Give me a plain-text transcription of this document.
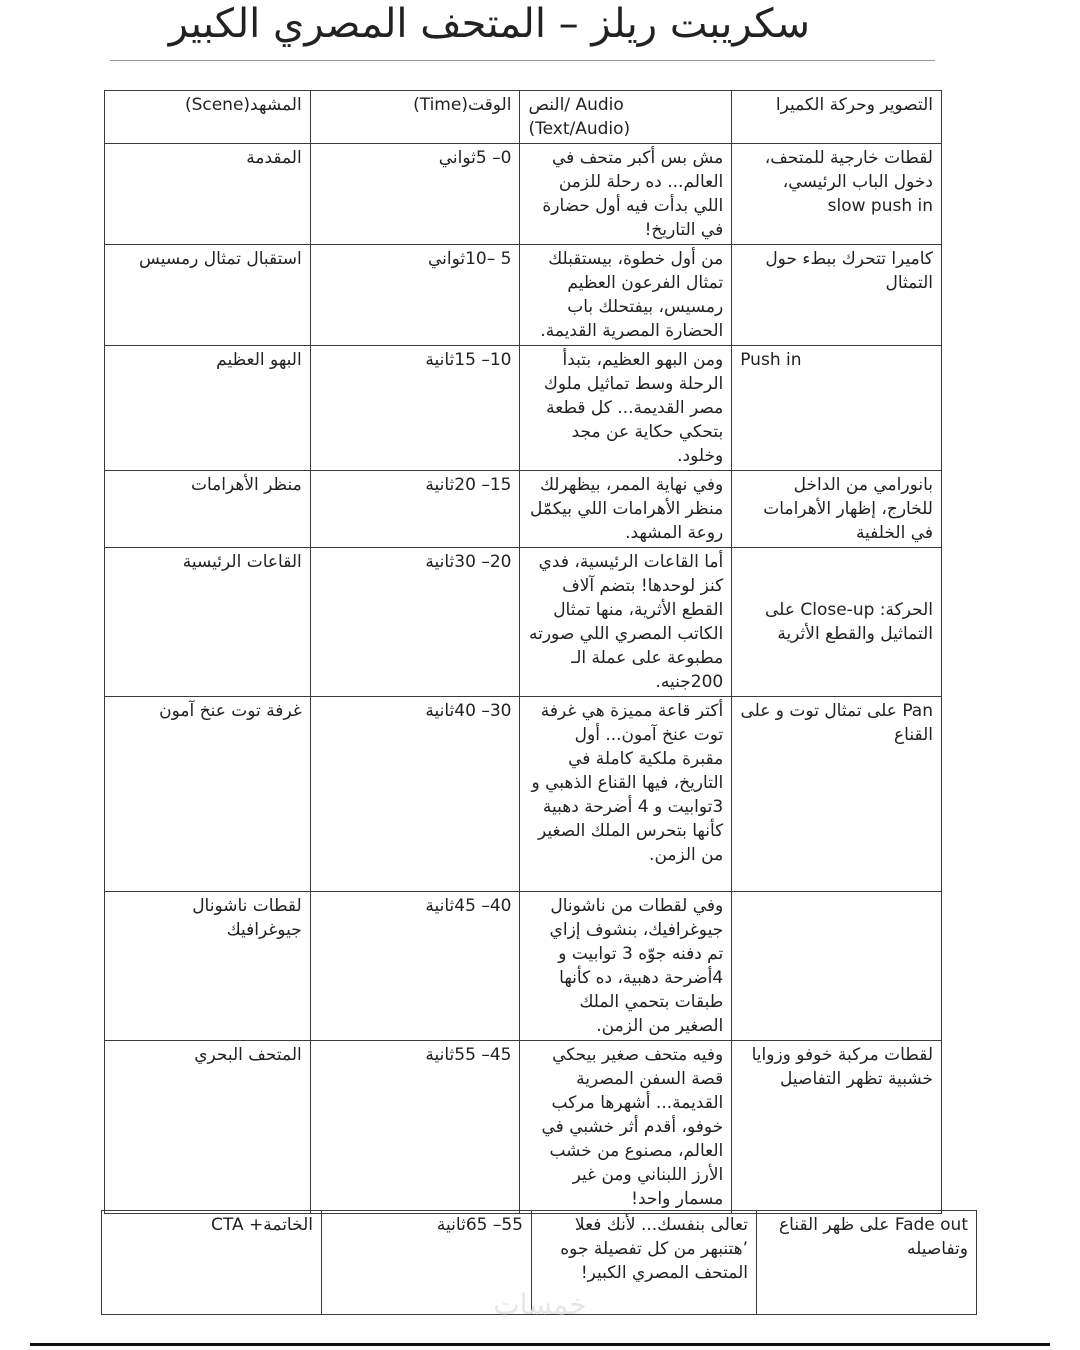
سكريبت ريلز – المتحف المصري الكبير
المشهد(Scene)	الوقت(Time)	النص/ Audio (Text/Audio)	التصوير وحركة الكميرا
المقدمة	0– 5ثواني	مش بس أكبر متحف في العالم... ده رحلة للزمن اللي بدأت فيه أول حضارة في التاريخ!	لقطات خارجية للمتحف، دخول الباب الرئيسي، slow push in
استقبال تمثال رمسيس	5 –10ثواني	من أول خطوة، بيستقبلك تمثال الفرعون العظيم رمسيس، بيفتحلك باب الحضارة المصرية القديمة.	كاميرا تتحرك ببطء حول التمثال
البهو العظيم	10– 15ثانية	ومن البهو العظيم، بتبدأ الرحلة وسط تماثيل ملوك مصر القديمة... كل قطعة بتحكي حكاية عن مجد وخلود.	Push in
منظر الأهرامات	15– 20ثانية	وفي نهاية الممر، بيظهرلك منظر الأهرامات اللي بيكمّل روعة المشهد.	بانورامي من الداخل للخارج، إظهار الأهرامات في الخلفية
القاعات الرئيسية	20– 30ثانية	أما القاعات الرئيسية، فدي كنز لوحدها! بتضم آلاف القطع الأثرية، منها تمثال الكاتب المصري اللي صورته مطبوعة على عملة الـ 200جنيه.	الحركة: Close-up على التماثيل والقطع الأثرية
غرفة توت عنخ آمون	30– 40ثانية	أكتر قاعة مميزة هي غرفة توت عنخ آمون... أول مقبرة ملكية كاملة في التاريخ، فيها القناع الذهبي و 3توابيت و 4 أضرحة دهبية كأنها بتحرس الملك الصغير من الزمن.	Pan على تمثال توت و على القناع
لقطات ناشونال جيوغرافيك	40– 45ثانية	وفي لقطات من ناشونال جيوغرافيك، بنشوف إزاي تم دفنه جوّه 3 توابيت و 4أضرحة دهبية، ده كأنها طبقات بتحمي الملك الصغير من الزمن.	
المتحف البحري	45– 55ثانية	وفيه متحف صغير بيحكي قصة السفن المصرية القديمة... أشهرها مركب خوفو، أقدم أثر خشبي في العالم، مصنوع من خشب الأرز اللبناني ومن غير مسمار واحد!	لقطات مركبة خوفو وزوايا خشبية تظهر التفاصيل
الخاتمة+ CTA	55– 65ثانية	تعالى بنفسك... لأنك فعلا ’هتنبهر من كل تفصيلة جوه المتحف المصري الكبير!	Fade out على ظهر القناع وتفاصيله
خمسات
